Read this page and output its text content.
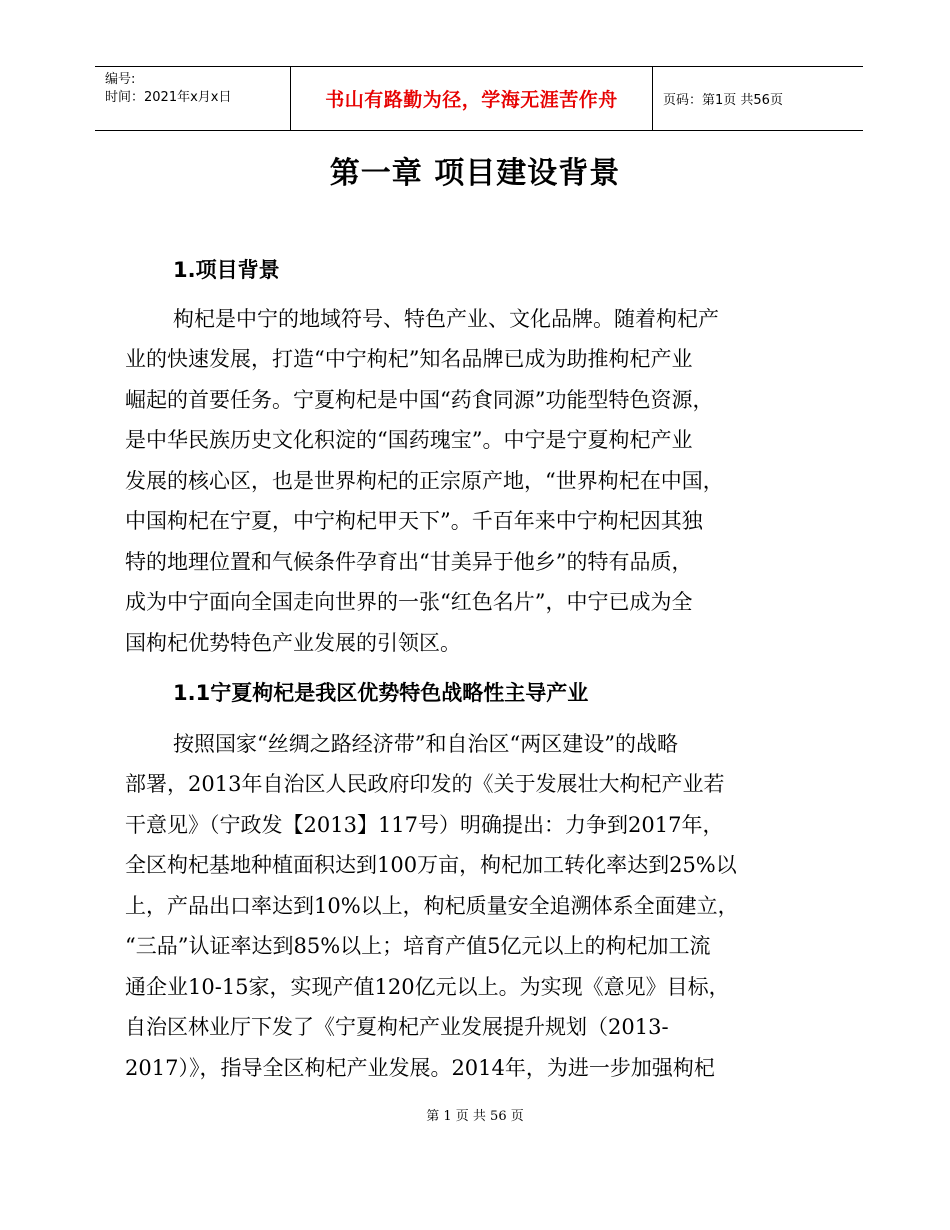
编号:
时间：2021年x月x日	书山有路勤为径，学海无涯苦作舟	页码：第1页 共56页
第一章 项目建设背景
1.项目背景
枸杞是中宁的地域符号、特色产业、文化品牌。随着枸杞产
业的快速发展，打造“中宁枸杞”知名品牌已成为助推枸杞产业
崛起的首要任务。宁夏枸杞是中国“药食同源”功能型特色资源，
是中华民族历史文化积淀的“国药瑰宝”。中宁是宁夏枸杞产业
发展的核心区，也是世界枸杞的正宗原产地，“世界枸杞在中国，
中国枸杞在宁夏，中宁枸杞甲天下”。千百年来中宁枸杞因其独
特的地理位置和气候条件孕育出“甘美异于他乡”的特有品质，
成为中宁面向全国走向世界的一张“红色名片”，中宁已成为全
国枸杞优势特色产业发展的引领区。
1.1宁夏枸杞是我区优势特色战略性主导产业
按照国家“丝绸之路经济带”和自治区“两区建设”的战略
部署，2013年自治区人民政府印发的《关于发展壮大枸杞产业若
干意见》（宁政发【2013】117号）明确提出：力争到2017年，
全区枸杞基地种植面积达到100万亩，枸杞加工转化率达到25%以
上，产品出口率达到10%以上，枸杞质量安全追溯体系全面建立，
“三品”认证率达到85%以上；培育产值5亿元以上的枸杞加工流
通企业10-15家，实现产值120亿元以上。为实现《意见》目标，
自治区林业厅下发了《宁夏枸杞产业发展提升规划（2013-
2017）》，指导全区枸杞产业发展。2014年，为进一步加强枸杞
第 1 页 共 56 页
